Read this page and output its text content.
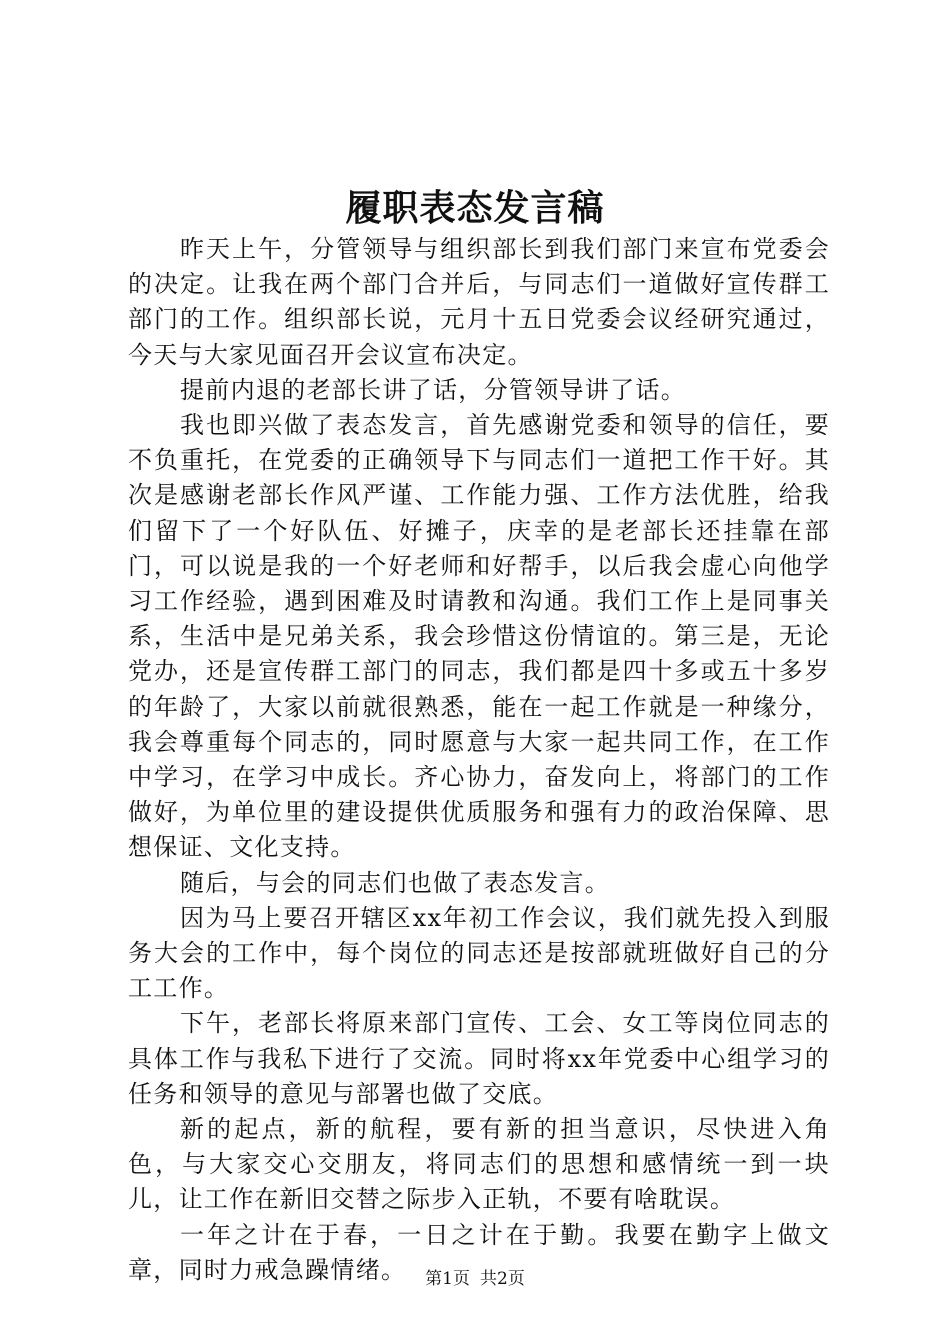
履职表态发言稿

昨天上午，分管领导与组织部长到我们部门来宣布党委会的决定。让我在两个部门合并后，与同志们一道做好宣传群工部门的工作。组织部长说，元月十五日党委会议经研究通过，今天与大家见面召开会议宣布决定。

提前内退的老部长讲了话，分管领导讲了话。

我也即兴做了表态发言，首先感谢党委和领导的信任，要不负重托，在党委的正确领导下与同志们一道把工作干好。其次是感谢老部长作风严谨、工作能力强、工作方法优胜，给我们留下了一个好队伍、好摊子，庆幸的是老部长还挂靠在部门，可以说是我的一个好老师和好帮手，以后我会虚心向他学习工作经验，遇到困难及时请教和沟通。我们工作上是同事关系，生活中是兄弟关系，我会珍惜这份情谊的。第三是，无论党办，还是宣传群工部门的同志，我们都是四十多或五十多岁的年龄了，大家以前就很熟悉，能在一起工作就是一种缘分，我会尊重每个同志的，同时愿意与大家一起共同工作，在工作中学习，在学习中成长。齐心协力，奋发向上，将部门的工作做好，为单位里的建设提供优质服务和强有力的政治保障、思想保证、文化支持。

随后，与会的同志们也做了表态发言。

因为马上要召开辖区xx年初工作会议，我们就先投入到服务大会的工作中，每个岗位的同志还是按部就班做好自己的分工工作。

下午，老部长将原来部门宣传、工会、女工等岗位同志的具体工作与我私下进行了交流。同时将xx年党委中心组学习的任务和领导的意见与部署也做了交底。

新的起点，新的航程，要有新的担当意识，尽快进入角色，与大家交心交朋友，将同志们的思想和感情统一到一块儿，让工作在新旧交替之际步入正轨，不要有啥耽误。

一年之计在于春，一日之计在于勤。我要在勤字上做文章，同时力戒急躁情绪。	第1页 共2页
